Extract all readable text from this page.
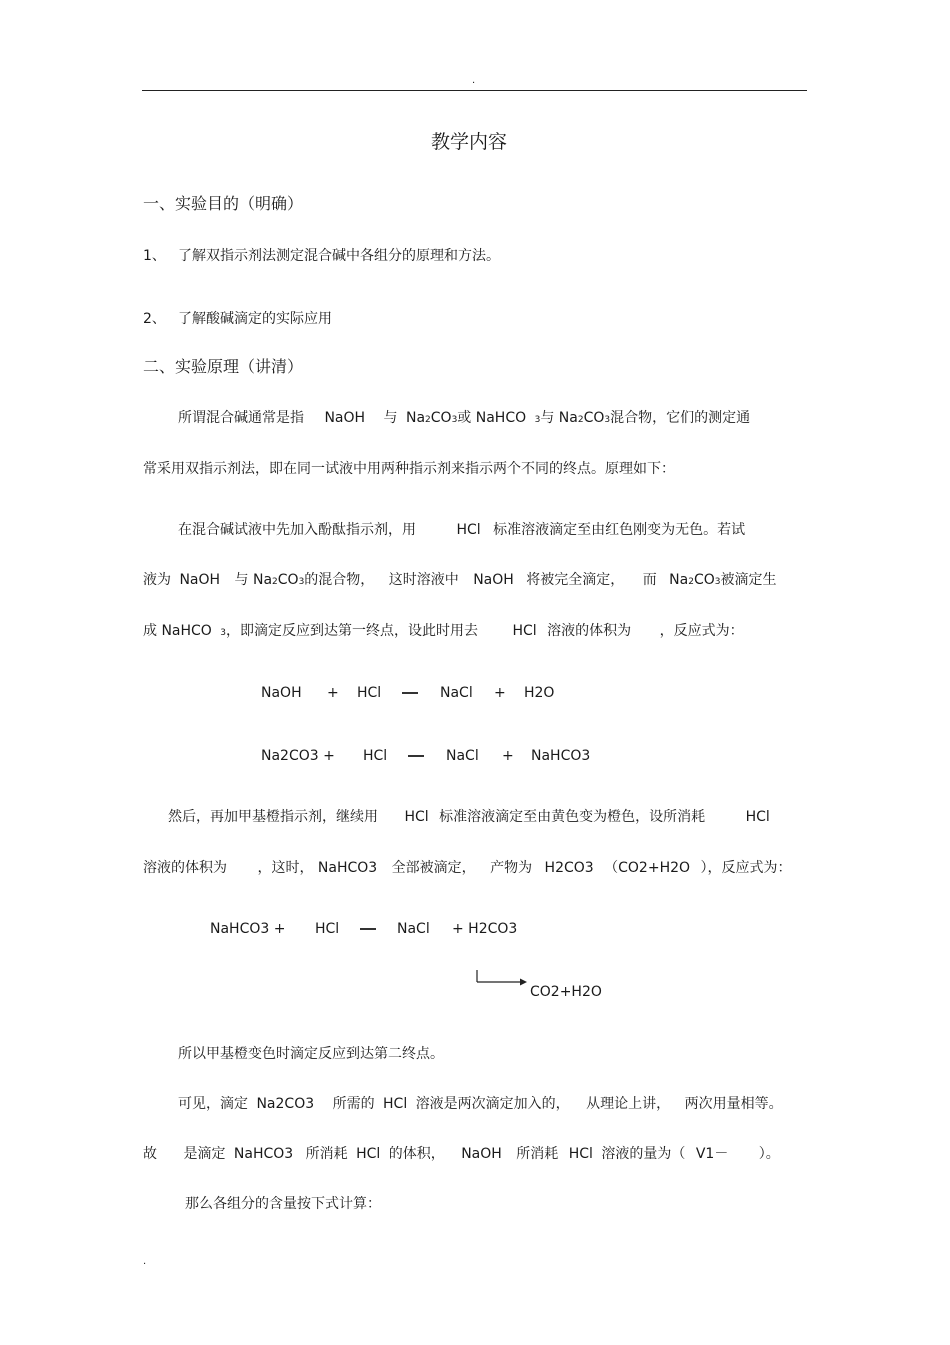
.
教学内容
一、实验目的（明确）
1、 了解双指示剂法测定混合碱中各组分的原理和方法。
2、 了解酸碱滴定的实际应用
二、实验原理（讲清）
所谓混合碱通常是指 NaOH 与 Na2CO3或 NaHCO 3与 Na2CO3混合物，它们的测定通
常采用双指示剂法，即在同一试液中用两种指示剂来指示两个不同的终点。原理如下：
在混合碱试液中先加入酚酞指示剂，用	HCl 标准溶液滴定至由红色刚变为无色。若试
液为 NaOH 与 Na2CO3的混合物， 这时溶液中 NaOH 将被完全滴定， 而 Na2CO3被滴定生
成 NaHCO 3，即滴定反应到达第一终点，设此时用去 HCl 溶液的体积为 ，反应式为：
NaOH + HCl	NaCl + H2O
Na2CO3 + HCl	NaCl + NaHCO3
然后，再加甲基橙指示剂，继续用 HCl 标准溶液滴定至由黄色变为橙色，设所消耗	HCl
溶液的体积为 ，这时， NaHCO3 全部被滴定， 产物为 H2CO3 （CO2+H2O ），反应式为：
NaHCO3 + HCl	NaCl + H2CO3
CO2+H2O
所以甲基橙变色时滴定反应到达第二终点。
可见，滴定 Na2CO3 所需的 HCl 溶液是两次滴定加入的， 从理论上讲， 两次用量相等。
故 是滴定 NaHCO3 所消耗 HCl 的体积， NaOH 所消耗 HCl 溶液的量为（ V1－ ）。
那么各组分的含量按下式计算：
.
